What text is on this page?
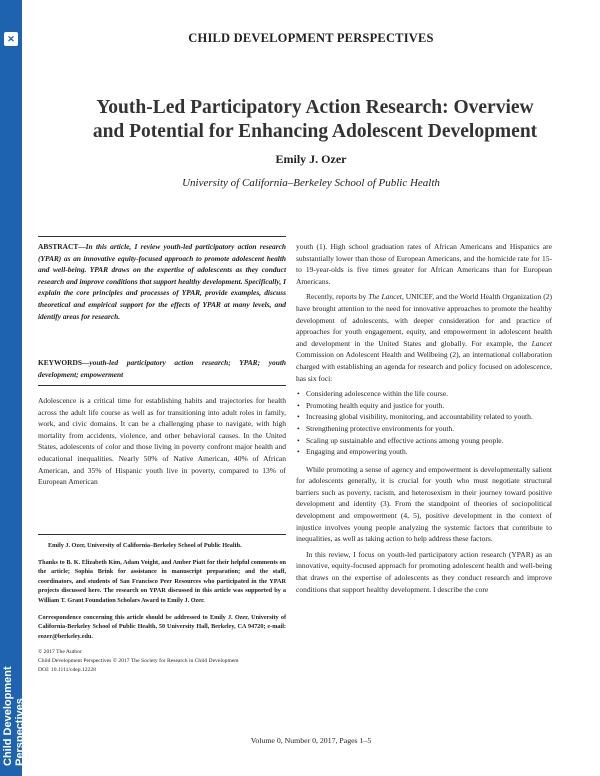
✕
Child Development Perspectives
CHILD DEVELOPMENT PERSPECTIVES
Youth-Led Participatory Action Research: Overview
and Potential for Enhancing Adolescent Development
Emily J. Ozer
University of California–Berkeley School of Public Health
ABSTRACT—In this article, I review youth-led participatory action research (YPAR) as an innovative equity-focused approach to promote adolescent health and well-being. YPAR draws on the expertise of adolescents as they conduct research and improve conditions that support healthy development. Specifically, I explain the core principles and processes of YPAR, provide examples, discuss theoretical and empirical support for the effects of YPAR at many levels, and identify areas for research.
KEYWORDS—youth-led participatory action research; YPAR; youth development; empowerment
Adolescence is a critical time for establishing habits and trajectories for health across the adult life course as well as for transitioning into adult roles in family, work, and civic domains. It can be a challenging phase to navigate, with high mortality from accidents, violence, and other behavioral causes. In the United States, adolescents of color and those living in poverty confront major health and educational inequalities. Nearly 50% of Native American, 40% of African American, and 35% of Hispanic youth live in poverty, compared to 13% of European American

Emily J. Ozer, University of California–Berkeley School of Public Health.

Thanks to B. K. Elizabeth Kim, Adam Voight, and Amber Piatt for their helpful comments on the article; Sophia Brink for assistance in manuscript preparation; and the staff, coordinators, and students of San Francisco Peer Resources who participated in the YPAR projects discussed here. The research on YPAR discussed in this article was supported by a William T. Grant Foundation Scholars Award to Emily J. Ozer.

Correspondence concerning this article should be addressed to Emily J. Ozer, University of California-Berkeley School of Public Health, 50 University Hall, Berkeley, CA 94720; e-mail: eozer@berkeley.edu.

© 2017 The Author

Child Development Perspectives © 2017 The Society for Research in Child Development

DOI: 10.1111/cdep.12228

youth (1). High school graduation rates of African Americans and Hispanics are substantially lower than those of European Americans, and the homicide rate for 15- to 19-year-olds is five times greater for African Americans than for European Americans.

Recently, reports by The Lancet, UNICEF, and the World Health Organization (2) have brought attention to the need for innovative approaches to promote the healthy development of adolescents, with deeper consideration for and practice of approaches for youth engagement, equity, and empowerment in adolescent health and development in the United States and globally. For example, the Lancet Commission on Adolescent Health and Wellbeing (2), an international collaboration charged with establishing an agenda for research and policy focused on adolescence, has six foci:

• Considering adolescence within the life course.
• Promoting health equity and justice for youth.
• Increasing global visibility, monitoring, and accountability related to youth.
• Strengthening protective environments for youth.
• Scaling up sustainable and effective actions among young people.
• Engaging and empowering youth.

While promoting a sense of agency and empowerment is developmentally salient for adolescents generally, it is crucial for youth who must negotiate structural barriers such as poverty, racism, and heterosexism in their journey toward positive development and identity (3). From the standpoint of theories of sociopolitical development and empowerment (4, 5), positive development in the context of injustice involves young people analyzing the systemic factors that contribute to inequalities, as well as taking action to help address these factors.

In this review, I focus on youth-led participatory action research (YPAR) as an innovative, equity-focused approach for promoting adolescent health and well-being that draws on the expertise of adolescents as they conduct research and improve conditions that support healthy development. I describe the core

Volume 0, Number 0, 2017, Pages 1–5
